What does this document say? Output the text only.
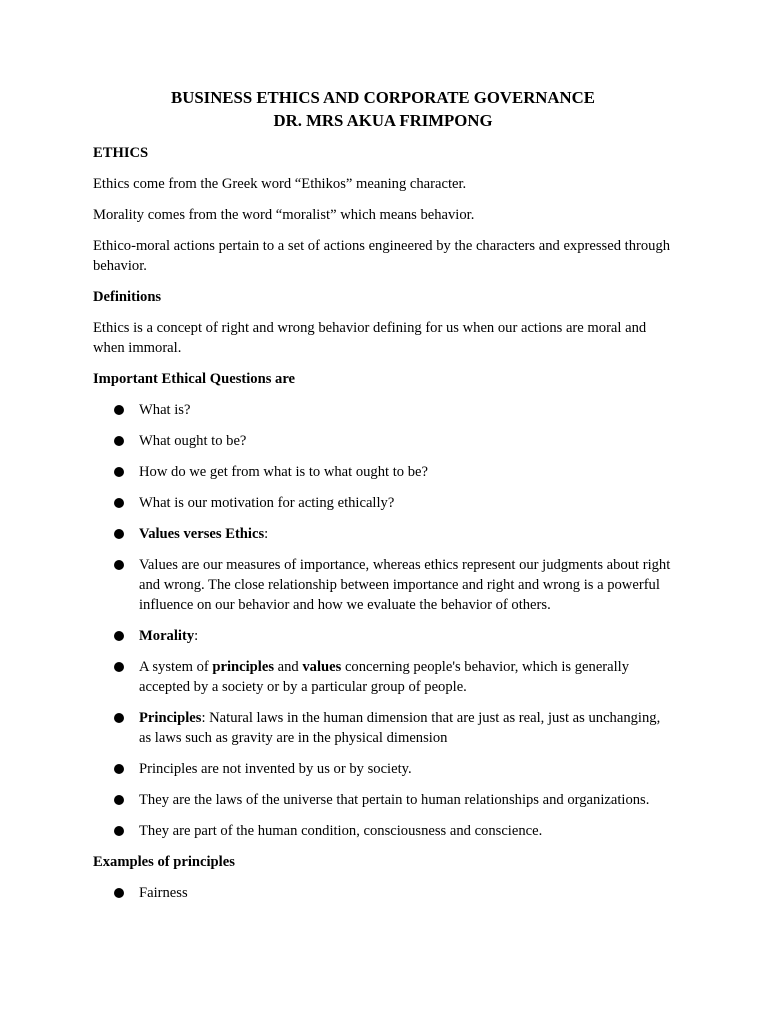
BUSINESS ETHICS AND CORPORATE GOVERNANCE
DR. MRS AKUA FRIMPONG

ETHICS

Ethics come from the Greek word “Ethikos” meaning character.

Morality comes from the word “moralist” which means behavior.

Ethico-moral actions pertain to a set of actions engineered by the characters and expressed through behavior.

Definitions

Ethics is a concept of right and wrong behavior defining for us when our actions are moral and when immoral.

Important Ethical Questions are

What is?
What ought to be?
How do we get from what is to what ought to be?
What is our motivation for acting ethically?
Values verses Ethics:
Values are our measures of importance, whereas ethics represent our judgments about right and wrong. The close relationship between importance and right and wrong is a powerful influence on our behavior and how we evaluate the behavior of others.
Morality:
A system of principles and values concerning people's behavior, which is generally accepted by a society or by a particular group of people.
Principles: Natural laws in the human dimension that are just as real, just as unchanging, as laws such as gravity are in the physical dimension
Principles are not invented by us or by society.
They are the laws of the universe that pertain to human relationships and organizations.
They are part of the human condition, consciousness and conscience.

Examples of principles

Fairness
